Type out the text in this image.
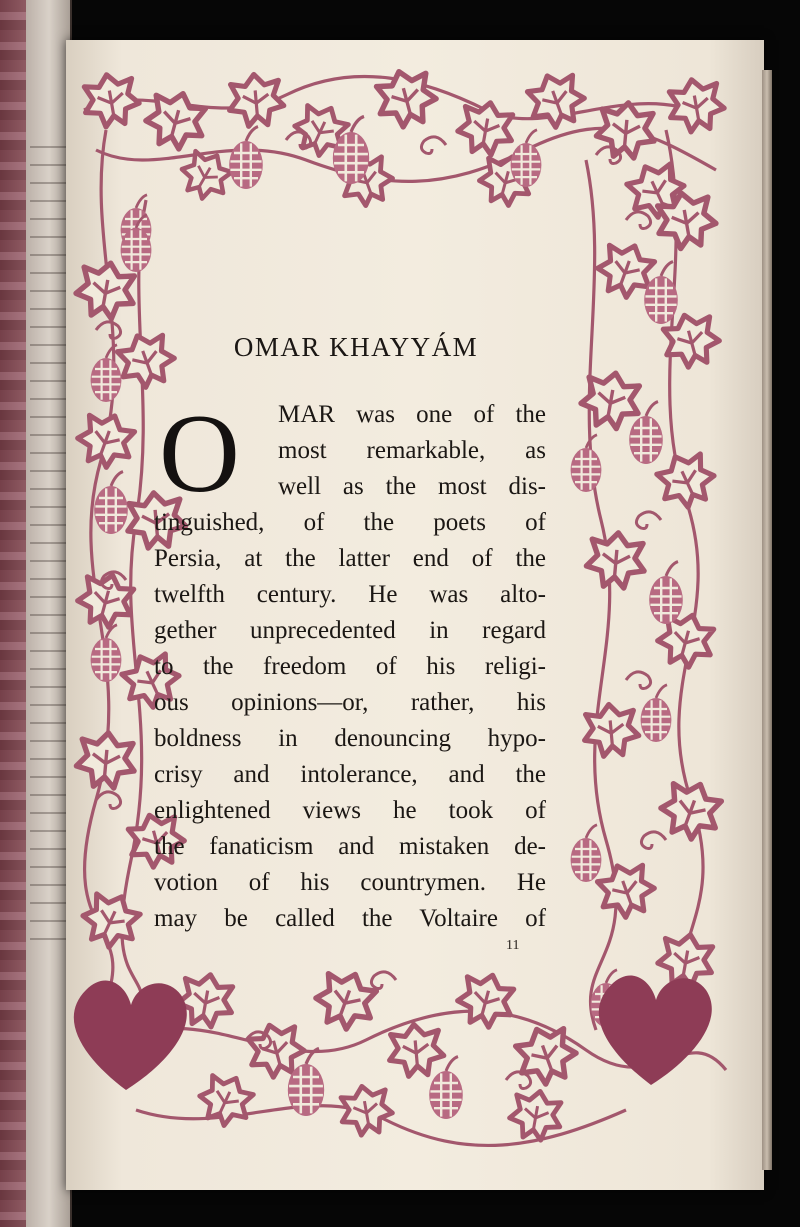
OMAR KHAYYÁM
O MAR was one of the
most remarkable, as
well as the most dis-
tinguished, of the poets of
Persia, at the latter end of the
twelfth century. He was alto-
gether unprecedented in regard
to the freedom of his religi-
ous opinions—or, rather, his
boldness in denouncing hypo-
crisy and intolerance, and the
enlightened views he took of
the fanaticism and mistaken de-
votion of his countrymen. He
may be called the Voltaire of
11
